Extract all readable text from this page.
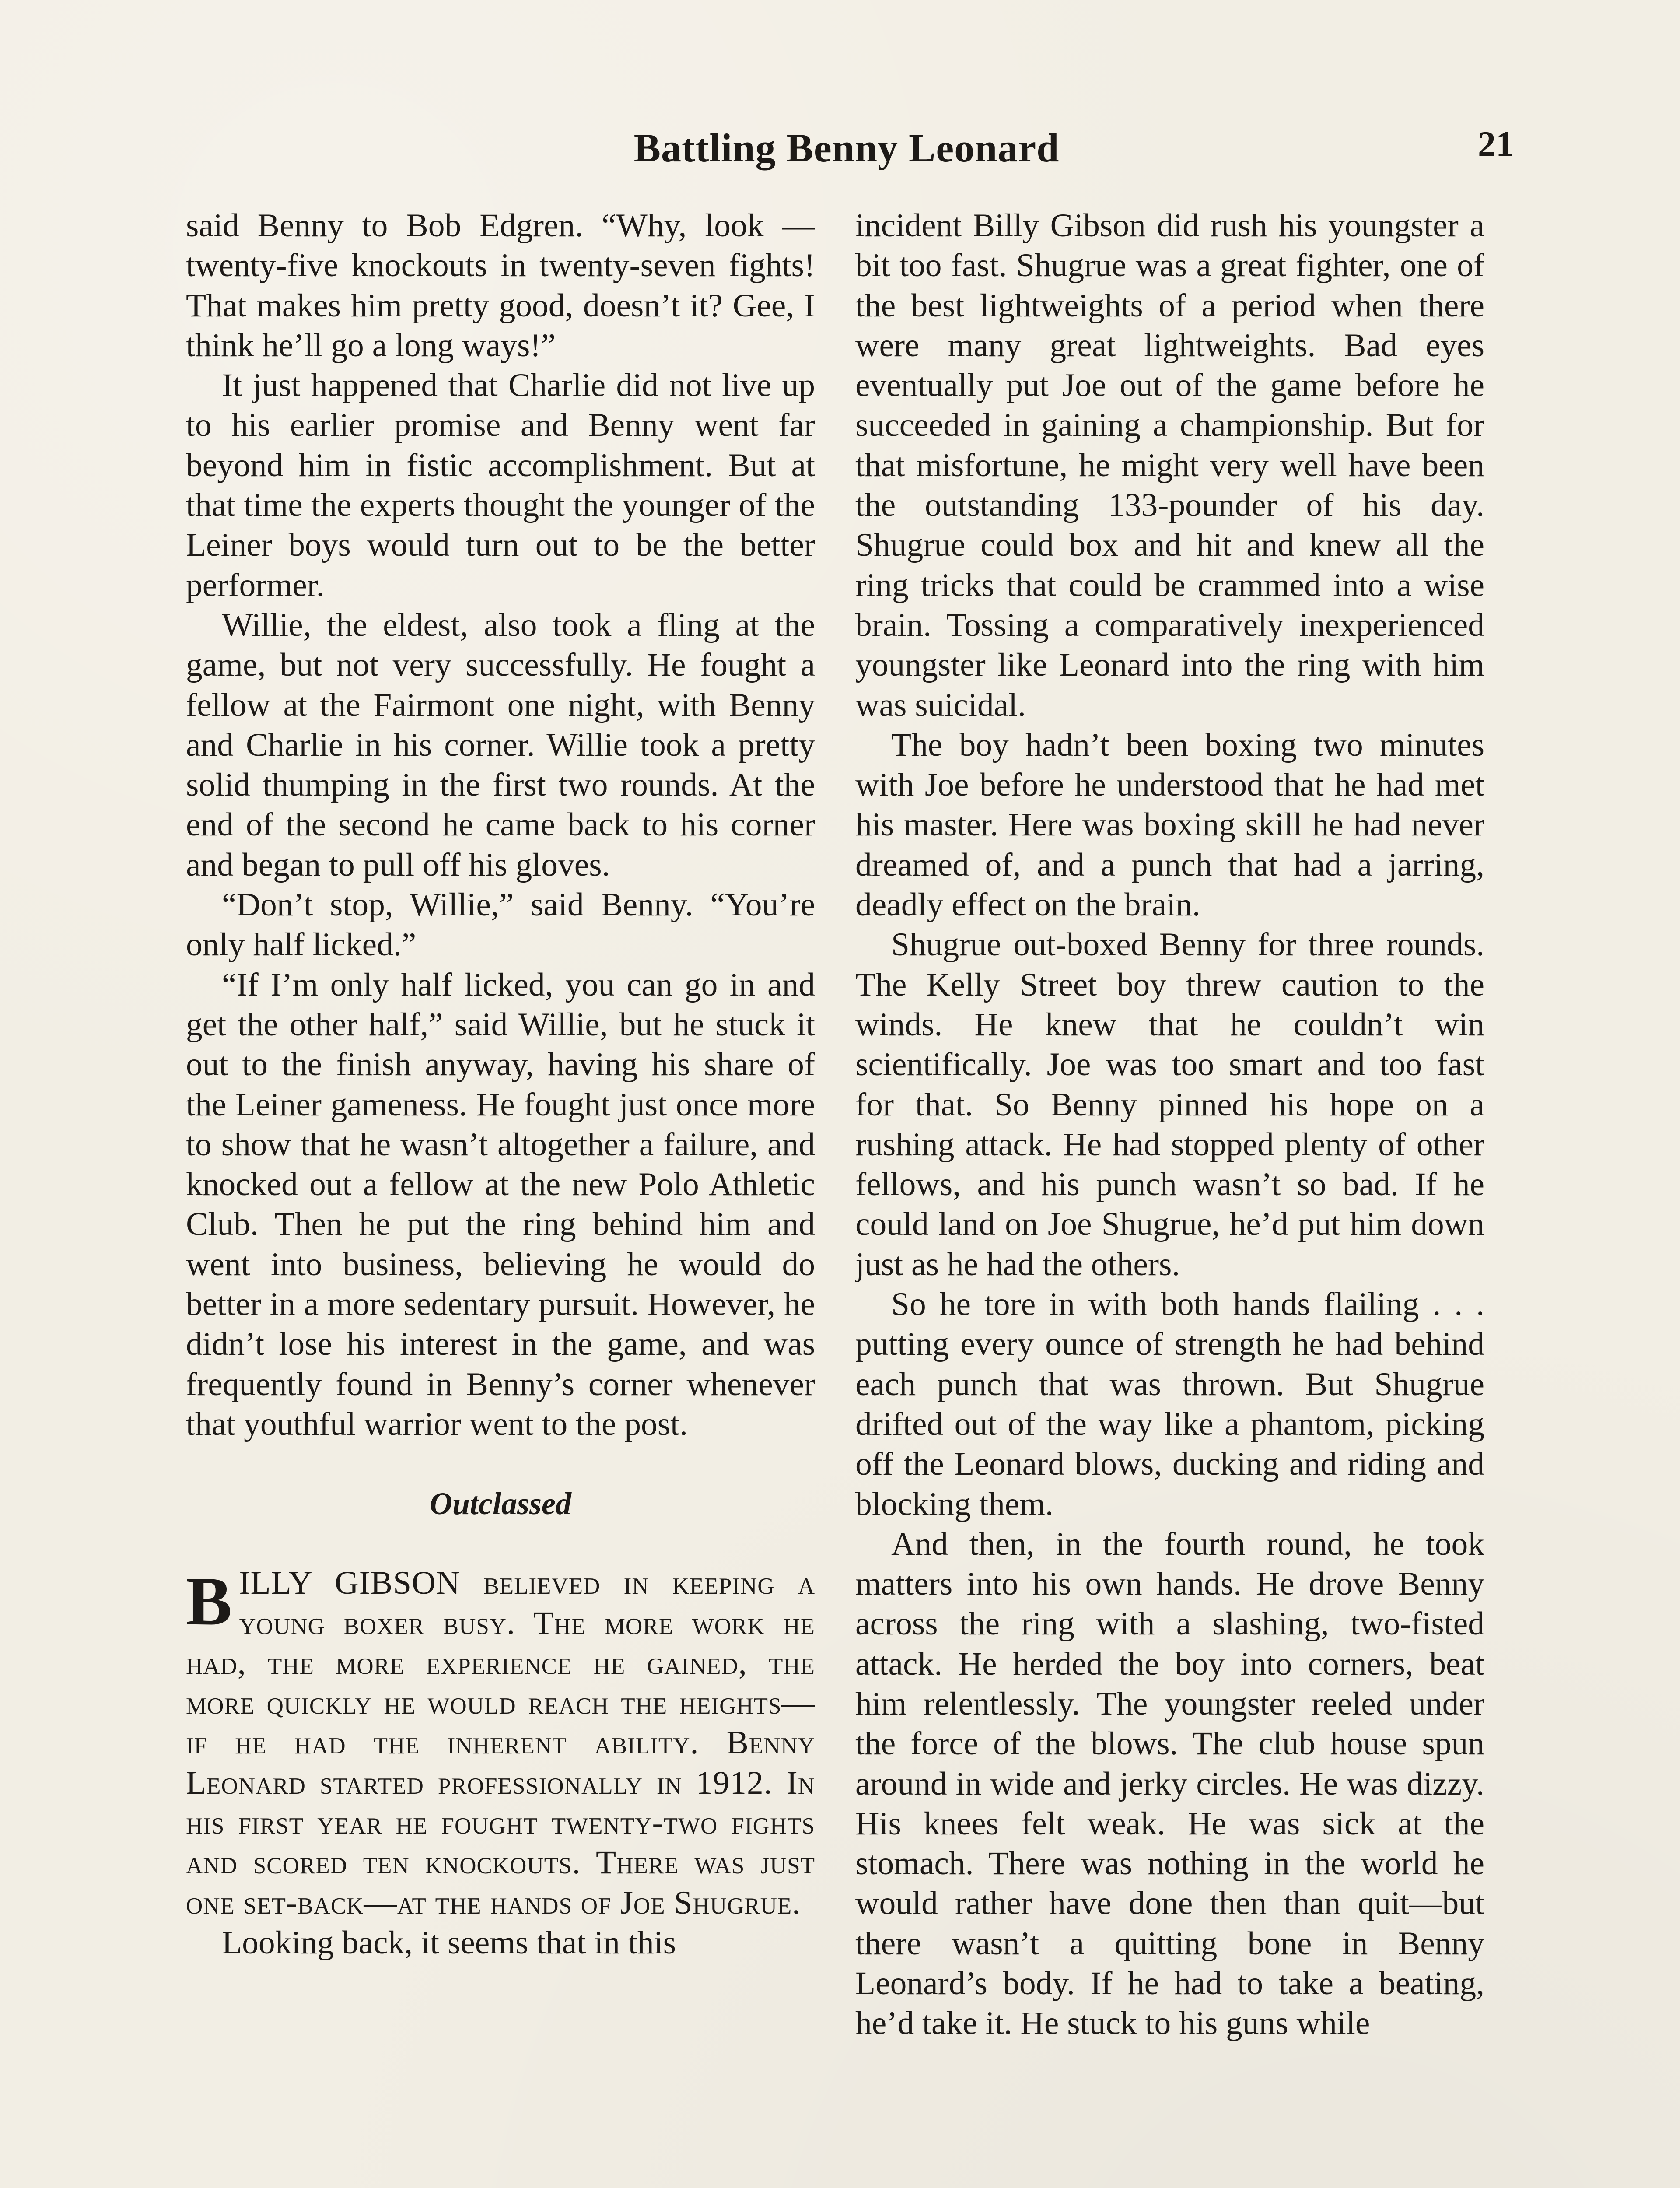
Battling Benny Leonard	21

said Benny to Bob Edgren. “Why, look —twenty-five knockouts in twenty-seven fights! That makes him pretty good, doesn’t it? Gee, I think he’ll go a long ways!”

It just happened that Charlie did not live up to his earlier promise and Benny went far beyond him in fistic accomplishment. But at that time the experts thought the younger of the Leiner boys would turn out to be the better performer.

Willie, the eldest, also took a fling at the game, but not very successfully. He fought a fellow at the Fairmont one night, with Benny and Charlie in his corner. Willie took a pretty solid thumping in the first two rounds. At the end of the second he came back to his corner and began to pull off his gloves.

“Don’t stop, Willie,” said Benny. “You’re only half licked.”

“If I’m only half licked, you can go in and get the other half,” said Willie, but he stuck it out to the finish anyway, having his share of the Leiner gameness. He fought just once more to show that he wasn’t altogether a failure, and knocked out a fellow at the new Polo Athletic Club. Then he put the ring behind him and went into business, believing he would do better in a more sedentary pursuit. However, he didn’t lose his interest in the game, and was frequently found in Benny’s corner whenever that youthful warrior went to the post.

Outclassed

BILLY GIBSON believed in keeping a young boxer busy. The more work he had, the more experience he gained, the more quickly he would reach the heights—if he had the inherent ability. Benny Leonard started professionally in 1912. In his first year he fought twenty-two fights and scored ten knockouts. There was just one set-back—at the hands of Joe Shugrue.

Looking back, it seems that in this

incident Billy Gibson did rush his youngster a bit too fast. Shugrue was a great fighter, one of the best lightweights of a period when there were many great lightweights. Bad eyes eventually put Joe out of the game before he succeeded in gaining a championship. But for that misfortune, he might very well have been the outstanding 133-pounder of his day. Shugrue could box and hit and knew all the ring tricks that could be crammed into a wise brain. Tossing a comparatively inexperienced youngster like Leonard into the ring with him was suicidal.

The boy hadn’t been boxing two minutes with Joe before he understood that he had met his master. Here was boxing skill he had never dreamed of, and a punch that had a jarring, deadly effect on the brain.

Shugrue out-boxed Benny for three rounds. The Kelly Street boy threw caution to the winds. He knew that he couldn’t win scientifically. Joe was too smart and too fast for that. So Benny pinned his hope on a rushing attack. He had stopped plenty of other fellows, and his punch wasn’t so bad. If he could land on Joe Shugrue, he’d put him down just as he had the others.

So he tore in with both hands flailing . . . putting every ounce of strength he had behind each punch that was thrown. But Shugrue drifted out of the way like a phantom, picking off the Leonard blows, ducking and riding and blocking them.

And then, in the fourth round, he took matters into his own hands. He drove Benny across the ring with a slashing, two-fisted attack. He herded the boy into corners, beat him relentlessly. The youngster reeled under the force of the blows. The club house spun around in wide and jerky circles. He was dizzy. His knees felt weak. He was sick at the stomach. There was nothing in the world he would rather have done then than quit—but there wasn’t a quitting bone in Benny Leonard’s body. If he had to take a beating, he’d take it. He stuck to his guns while
